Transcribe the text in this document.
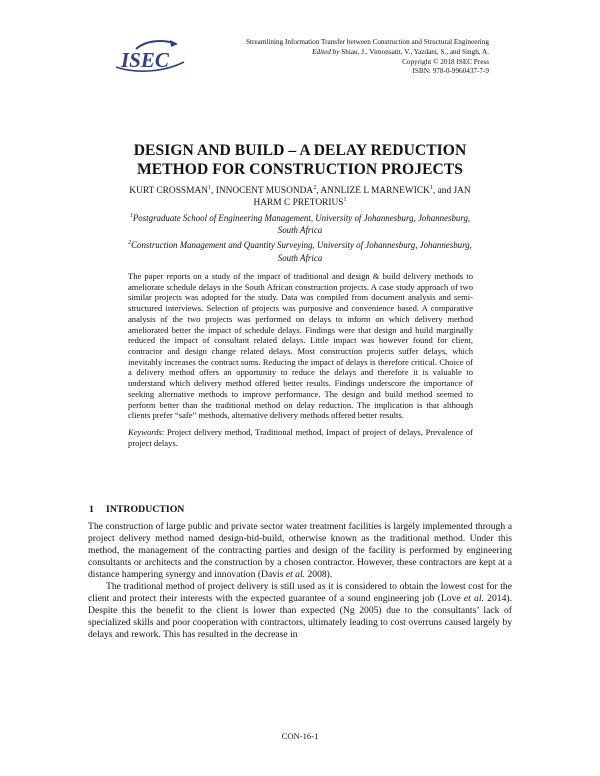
ISEC
Streamlining Information Transfer between Construction and Structural Engineering
Edited by Shiau, J., Vimonsatit, V., Yazdani, S., and Singh, A.
Copyright © 2018 ISEC Press
ISBN: 978-0-9960437-7-9
DESIGN AND BUILD – A DELAY REDUCTION
METHOD FOR CONSTRUCTION PROJECTS
KURT CROSSMAN$^1$, INNOCENT MUSONDA$^2$, ANNLIZE L MARNEWICK$^1$, and JAN HARM C PRETORIUS$^1$

$^1$Postgraduate School of Engineering Management, University of Johannesburg, Johannesburg, South Africa

$^2$Construction Management and Quantity Surveying, University of Johannesburg, Johannesburg, South Africa

The paper reports on a study of the impact of traditional and design & build delivery methods to ameliorate schedule delays in the South African construction projects. A case study approach of two similar projects was adopted for the study. Data was compiled from document analysis and semi-structured interviews. Selection of projects was purposive and convenience based. A comparative analysis of the two projects was performed on delays to inform on which delivery method ameliorated better the impact of schedule delays. Findings were that design and build marginally reduced the impact of consultant related delays. Little impact was however found for client, contractor and design change related delays. Most construction projects suffer delays, which inevitably increases the contract sums. Reducing the impact of delays is therefore critical. Choice of a delivery method offers an opportunity to reduce the delays and therefore it is valuable to understand which delivery method offered better results. Findings underscore the importance of seeking alternative methods to improve performance. The design and build method seemed to perform better than the traditional method on delay reduction. The implication is that although clients prefer “safe” methods, alternative delivery methods offered better results.

Keywords: Project delivery method, Traditional method, Impact of project of delays, Prevalence of project delays.

1 INTRODUCTION

The construction of large public and private sector water treatment facilities is largely implemented through a project delivery method named design-bid-build, otherwise known as the traditional method. Under this method, the management of the contracting parties and design of the facility is performed by engineering consultants or architects and the construction by a chosen contractor. However, these contractors are kept at a distance hampering synergy and innovation (Davis et al. 2008).

The traditional method of project delivery is still used as it is considered to obtain the lowest cost for the client and protect their interests with the expected guarantee of a sound engineering job (Love et al. 2014). Despite this the benefit to the client is lower than expected (Ng 2005) due to the consultants’ lack of specialized skills and poor cooperation with contractors, ultimately leading to cost overruns caused largely by delays and rework. This has resulted in the decrease in

CON-16-1
